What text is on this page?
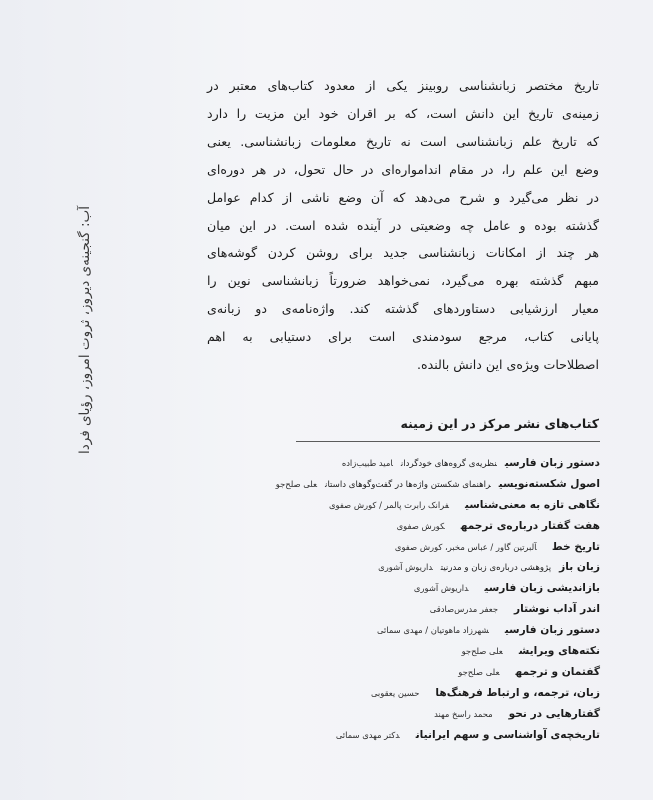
تاریخ مختصر زبانشناسی روبینز یکی از معدود کتاب‌های معتبر در
زمینه‌ی تاریخ این دانش است، که بر اقران خود این مزیت را دارد
که تاریخ علم زبانشناسی است نه تاریخ معلومات زبانشناسی. یعنی
وضع این علم را، در مقام اندامواره‌ای در حال تحول، در هر دوره‌ای
در نظر می‌گیرد و شرح می‌دهد که آن وضع ناشی از کدام عوامل
گذشته بوده و عامل چه وضعیتی در آینده شده است. در این میان
هر چند از امکانات زبانشناسی جدید برای روشن کردن گوشه‌های
مبهم گذشته بهره می‌گیرد، نمی‌خواهد ضرورتاً زبانشناسی نوین را
معیار ارزشیابی دستاوردهای گذشته کند. واژه‌نامه‌ی دو زبانه‌ی
پایانی کتاب، مرجع سودمندی است برای دستیابی به اهم
اصطلاحات ویژه‌ی این دانش بالنده.

کتاب‌های نشر مرکز در این زمینه
دستور زبان فارسینظریه‌ی گروه‌های خودگردانامید طبیب‌زاده
اصول شکسته‌نویسیراهنمای شکستن واژه‌ها در گفت‌وگوهای داستانعلی صلح‌جو
نگاهی تازه به معنی‌شناسیفرانک رابرت پالمر / کورش صفوی
هفت گفتار درباره‌ی ترجمهکورش صفوی
تاریخ خطآلبرتین گاور / عباس مخبر، کورش صفوی
زبان بازپژوهشی درباره‌ی زبان و مدرنیتداریوش آشوری
بازاندیشی زبان فارسیداریوش آشوری
اندر آداب نوشتارجعفر مدرس‌صادقی
دستور زبان فارسیشهرزاد ماهوتیان / مهدی سمائی
نکته‌های ویرایشعلی صلح‌جو
گفتمان و ترجمهعلی صلح‌جو
زبان، ترجمه، و ارتباط فرهنگ‌هاحسین یعقوبی
گفتارهایی در نحومحمد راسخ مهند
تاریخچه‌ی آواشناسی و سهم ایرانیاندکتر مهدی سمائی
آب: گنجینه‌ی دیروز، ثروت امروز، رؤیای فردا
